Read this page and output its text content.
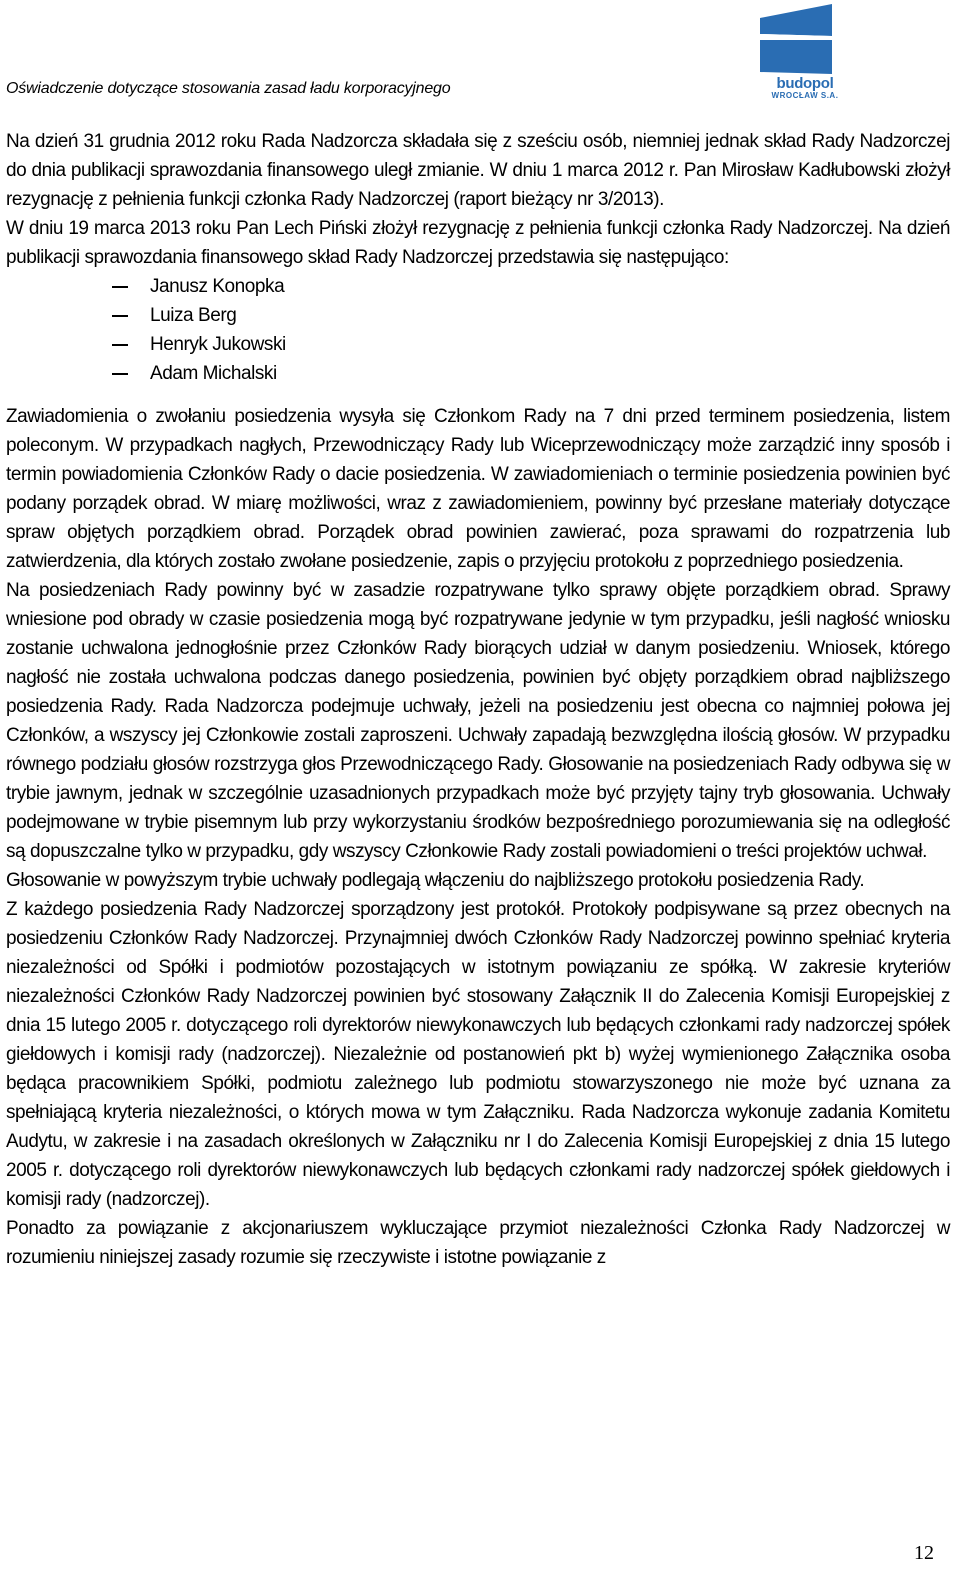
Oświadczenie dotyczące stosowania zasad ładu korporacyjnego	budopol
WROCŁAW S.A.

Na dzień 31 grudnia 2012 roku Rada Nadzorcza składała się z sześciu osób, niemniej jednak skład Rady Nadzorczej do dnia publikacji sprawozdania finansowego uległ zmianie. W dniu 1 marca 2012 r. Pan Mirosław Kadłubowski złożył rezygnację z pełnienia funkcji członka Rady Nadzorczej (raport bieżący nr 3/2013).

W dniu 19 marca 2013 roku Pan Lech Piński złożył rezygnację z pełnienia funkcji członka Rady Nadzorczej. Na dzień publikacji sprawozdania finansowego skład Rady Nadzorczej przedstawia się następująco:

Janusz Konopka
Luiza Berg
Henryk Jukowski
Adam Michalski

Zawiadomienia o zwołaniu posiedzenia wysyła się Członkom Rady na 7 dni przed terminem posiedzenia, listem poleconym. W przypadkach nagłych, Przewodniczący Rady lub Wiceprzewodniczący może zarządzić inny sposób i termin powiadomienia Członków Rady o dacie posiedzenia. W zawiadomieniach o terminie posiedzenia powinien być podany porządek obrad. W miarę możliwości, wraz z zawiadomieniem, powinny być przesłane materiały dotyczące spraw objętych porządkiem obrad. Porządek obrad powinien zawierać, poza sprawami do rozpatrzenia lub zatwierdzenia, dla których zostało zwołane posiedzenie, zapis o przyjęciu protokołu z poprzedniego posiedzenia.

Na posiedzeniach Rady powinny być w zasadzie rozpatrywane tylko sprawy objęte porządkiem obrad. Sprawy wniesione pod obrady w czasie posiedzenia mogą być rozpatrywane jedynie w tym przypadku, jeśli nagłość wniosku zostanie uchwalona jednogłośnie przez Członków Rady biorących udział w danym posiedzeniu. Wniosek, którego nagłość nie została uchwalona podczas danego posiedzenia, powinien być objęty porządkiem obrad najbliższego posiedzenia Rady. Rada Nadzorcza podejmuje uchwały, jeżeli na posiedzeniu jest obecna co najmniej połowa jej Członków, a wszyscy jej Członkowie zostali zaproszeni. Uchwały zapadają bezwzględna ilością głosów. W przypadku równego podziału głosów rozstrzyga głos Przewodniczącego Rady. Głosowanie na posiedzeniach Rady odbywa się w trybie jawnym, jednak w szczególnie uzasadnionych przypadkach może być przyjęty tajny tryb głosowania. Uchwały podejmowane w trybie pisemnym lub przy wykorzystaniu środków bezpośredniego porozumiewania się na odległość są dopuszczalne tylko w przypadku, gdy wszyscy Członkowie Rady zostali powiadomieni o treści projektów uchwał.

Głosowanie w powyższym trybie uchwały podlegają włączeniu do najbliższego protokołu posiedzenia Rady.

Z każdego posiedzenia Rady Nadzorczej sporządzony jest protokół. Protokoły podpisywane są przez obecnych na posiedzeniu Członków Rady Nadzorczej. Przynajmniej dwóch Członków Rady Nadzorczej powinno spełniać kryteria niezależności od Spółki i podmiotów pozostających w istotnym powiązaniu ze spółką. W zakresie kryteriów niezależności Członków Rady Nadzorczej powinien być stosowany Załącznik II do Zalecenia Komisji Europejskiej z dnia 15 lutego 2005 r. dotyczącego roli dyrektorów niewykonawczych lub będących członkami rady nadzorczej spółek giełdowych i komisji rady (nadzorczej). Niezależnie od postanowień pkt b) wyżej wymienionego Załącznika osoba będąca pracownikiem Spółki, podmiotu zależnego lub podmiotu stowarzyszonego nie może być uznana za spełniającą kryteria niezależności, o których mowa w tym Załączniku. Rada Nadzorcza wykonuje zadania Komitetu Audytu, w zakresie i na zasadach określonych w Załączniku nr I do Zalecenia Komisji Europejskiej z dnia 15 lutego 2005 r. dotyczącego roli dyrektorów niewykonawczych lub będących członkami rady nadzorczej spółek giełdowych i komisji rady (nadzorczej).

Ponadto za powiązanie z akcjonariuszem wykluczające przymiot niezależności Członka Rady Nadzorczej w rozumieniu niniejszej zasady rozumie się rzeczywiste i istotne powiązanie z

12
